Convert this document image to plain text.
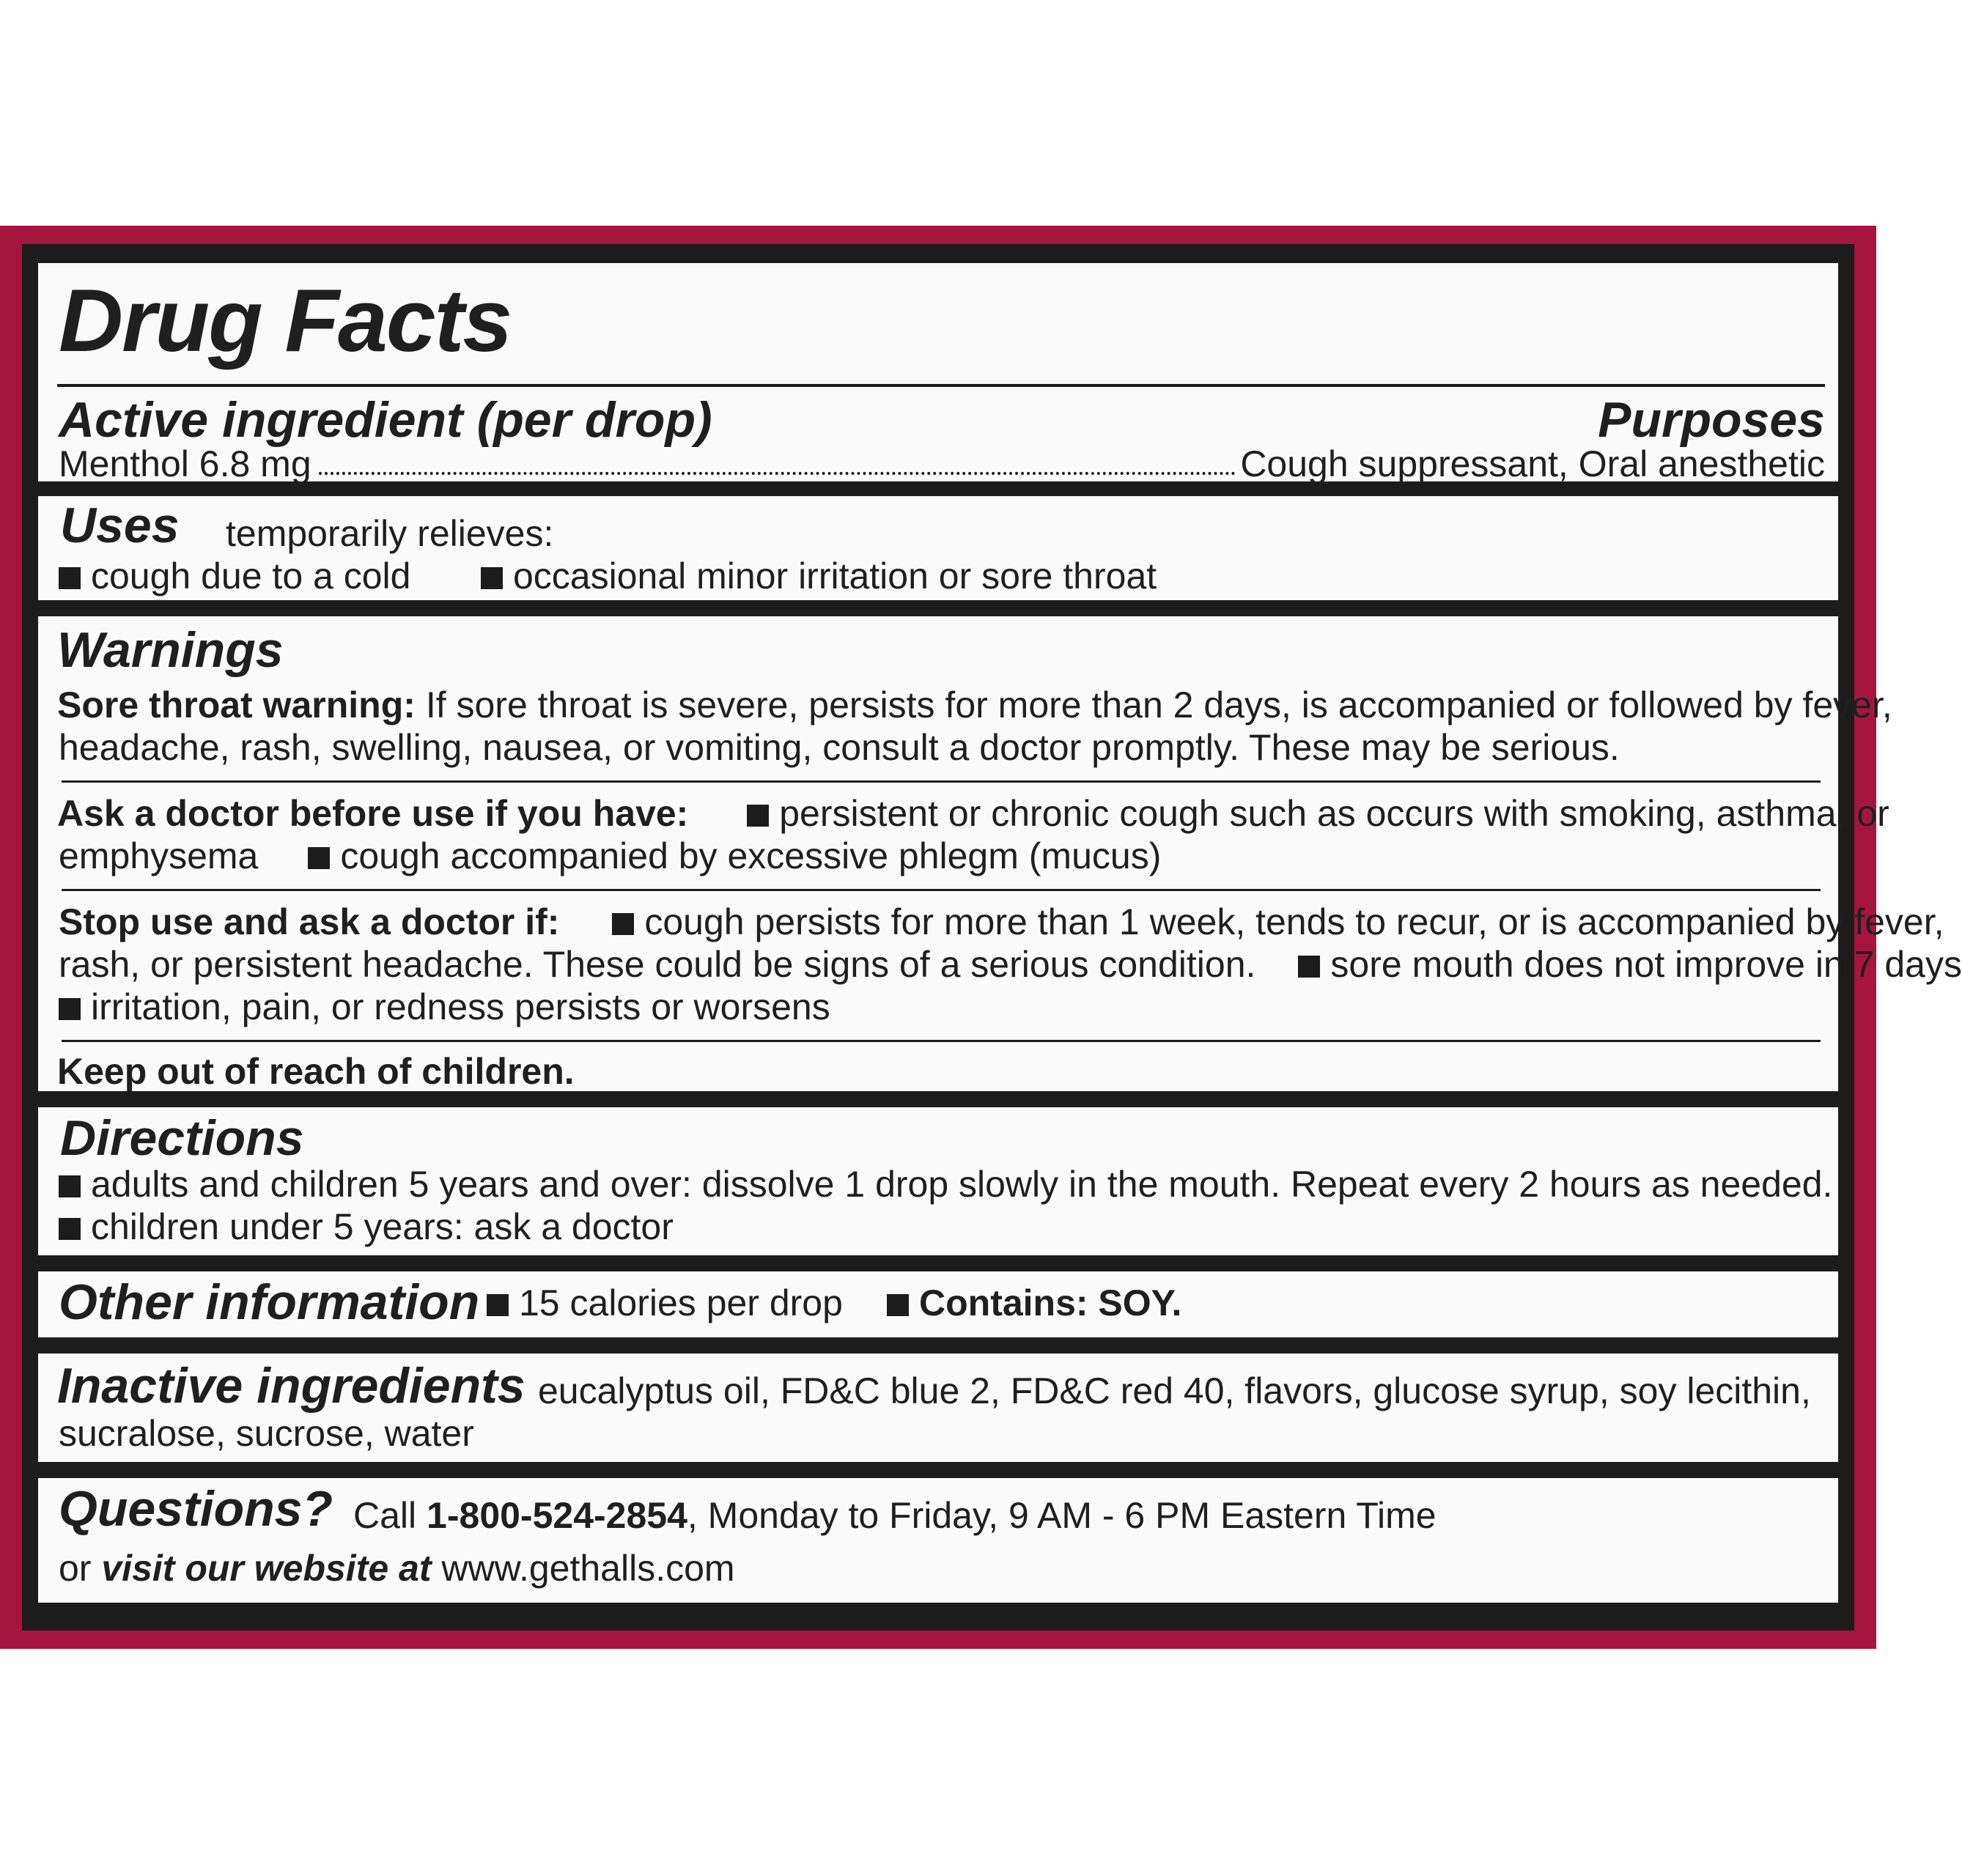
Drug Facts
Active ingredient (per drop)	Purposes
Menthol 6.8 mg	Cough suppressant, Oral anesthetic
Uses temporarily relieves:
cough due to a cold	occasional minor irritation or sore throat
Warnings
Sore throat warning: If sore throat is severe, persists for more than 2 days, is accompanied or followed by fever,
headache, rash, swelling, nausea, or vomiting, consult a doctor promptly. These may be serious.
Ask a doctor before use if you have: persistent or chronic cough such as occurs with smoking, asthma, or
emphysema cough accompanied by excessive phlegm (mucus)
Stop use and ask a doctor if: cough persists for more than 1 week, tends to recur, or is accompanied by fever,
rash, or persistent headache. These could be signs of a serious condition. sore mouth does not improve in 7 days
irritation, pain, or redness persists or worsens
Keep out of reach of children.
Directions
adults and children 5 years and over: dissolve 1 drop slowly in the mouth. Repeat every 2 hours as needed.
children under 5 years: ask a doctor
Other information	15 calories per drop	Contains: SOY.
Inactive ingredients eucalyptus oil, FD&C blue 2, FD&C red 40, flavors, glucose syrup, soy lecithin,
sucralose, sucrose, water
Questions? Call 1-800-524-2854, Monday to Friday, 9 AM - 6 PM Eastern Time
or visit our website at www.gethalls.com
